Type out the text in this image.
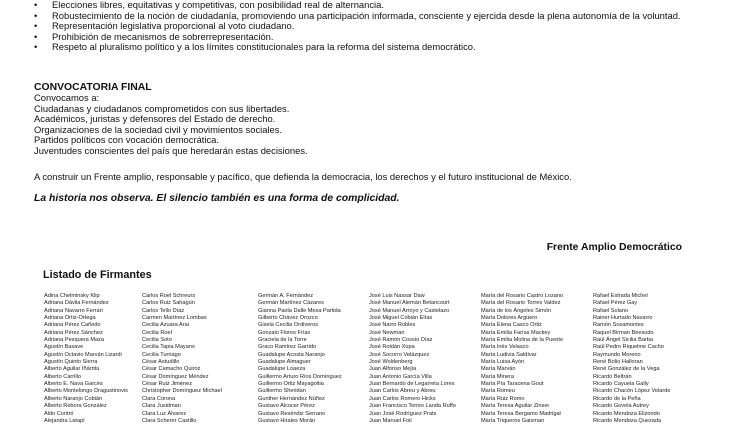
• Elecciones libres, equitativas y competitivas, con posibilidad real de alternancia.
• Robustecimiento de la noción de ciudadanía, promoviendo una participación informada, consciente y ejercida desde la plena autonomía de la voluntad.
• Representación legislativa proporcional al voto ciudadano.
• Prohibición de mecanismos de sobrerrepresentación.
• Respeto al pluralismo político y a los límites constitucionales para la reforma del sistema democrático.
CONVOCATORIA FINAL
Convocamos a:
Ciudadanas y ciudadanos comprometidos con sus libertades.
Académicos, juristas y defensores del Estado de derecho.
Organizaciones de la sociedad civil y movimientos sociales.
Partidos políticos con vocación democrática.
Juventudes conscientes del país que heredarán estas decisiones.
A construir un Frente amplio, responsable y pacífico, que defienda la democracia, los derechos y el futuro institucional de México.
La historia nos observa. El silencio también es una forma de complicidad.
Frente Amplio Democrático
Listado de Firmantes
Adina Chelminsky Klip
Adriana Dávila Fernández
Adriana Navarro Ferrari
Adriana Ortiz-Ortega
Adriana Pérez Cañedo
Adriana Pérez Sánchez
Adriana Pesquera Maza
Agustín Basave
Agustín Octavio Marván Lizardi
Agustín Quinto Sierra
Alberto Aguilar Iñárritu
Alberto Carrillo
Alberto E. Nava Garcés
Alberto Montelongo Dragustinovis
Alberto Naranjo Cobián
Alberto Rebora González
Aldo Contró
Alejandra Latapí
Carlos Roel Schreurs
Carlos Ruiz Sahagún
Carlos Tello Díaz
Carmen Martínez Lombas
Cecilia Azuara Arai
Cecilia Roel
Cecilia Soto
Cecilia Tapia Mayans
Cecilia Turriago
César Astudillo
César Camacho Quiroz
César Domínguez Méndez
César Ruiz Jiménez
Christopher Domínguez Michael
Clara Corona
Clara Jusidman
Clara Luz Álvarez
Clara Scherer Castillo
Germán A. Fernández
Germán Martínez Cázares
Gianna Paola Dalle Mesa Partida
Gilberto Chávez Orozco
Gisela Cecilia Ordiveros
Gonzalo Flores Frías
Graciela de la Torre
Graco Ramírez Garrido
Guadalupe Acosta Naranjo
Guadalupe Almaguer
Guadalupe Loaeza
Guillermo Arturo Ríos Domínguez
Guillermo Ortiz Mayagoitia
Guillermo Sheridan
Gunther Hernández Núñez
Gustavo Alcocer Pérez
Gustavo Reséndiz Serrano
Gustavo Hirales Morán
José Luis Nassar Daw
José Manuel Alemán Betancourt
José Manuel Arroyo y Castelazo
José Miguel Cobián Elías
José Narro Robles
José Newman
José Ramón Cossío Díaz
José Roldán Xopa
José Socorro Velázquez
José Woldenberg
Juan Alfonso Mejía
Juan Antonio García Villa
Juan Bernardo de Legarreta Lores
Juan Carlos Abreu y Abreu
Juan Carlos Romero Hicks
Juan Francisco Torres Landa Ruffo
Juan José Rodríguez Prats
Juan Manuel Foil
María del Rosario Castro Lozano
María del Rosario Torres Valdez
María de los Ángeles Simón
María Dolores Argüero
María Elena Casco Ortiz
María Emilia Farías Mackey
María Emilia Molina de la Puente
María Inés Velasco
María Ludivia Saldívar
María Luisa Ayón
María Marván
María Minera
María Pía Taracena Gout
María Romeu
María Ruiz Romo
María Teresa Aguilar Zinser
María Teresa Bergamo Madrigal
María Triqueros Gaisman
Rafael Estrada Michel
Rafael Pérez Gay
Rafael Solano
Rainer Hurtado Navarro
Ramón Sosamontes
Raquel Birman Beesudo
Raúl Ángel Sicilia Barba
Raúl Pedro Riquelme Cacho
Raymundo Moreno
René Bolio Halloran
René González de la Vega
Ricardo Beltrán
Ricardo Cayuela Gally
Ricardo Chacón López Velarde
Ricardo de la Peña
Ricardo Govela Autrey
Ricardo Mendoza Elizondo
Ricardo Mendoza Quezada
